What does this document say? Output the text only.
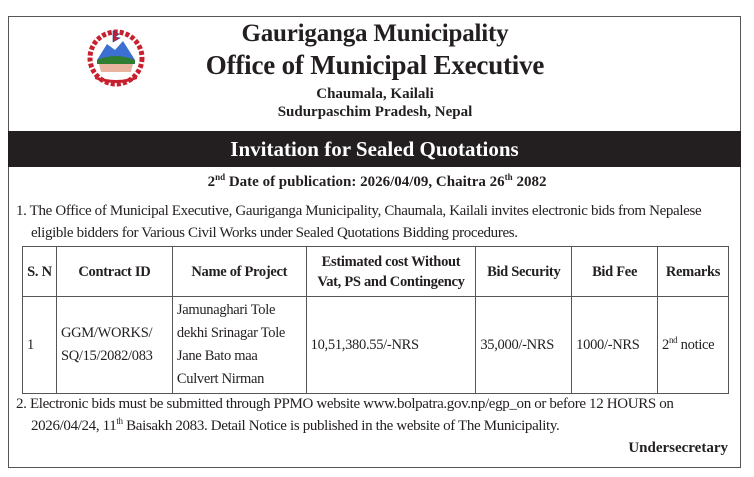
Gauriganga Municipality
Office of Municipal Executive
Chaumala, Kailali
Sudurpaschim Pradesh, Nepal
Invitation for Sealed Quotations
2nd Date of publication: 2026/04/09, Chaitra 26th 2082
1. The Office of Municipal Executive, Gauriganga Municipality, Chaumala, Kailali invites electronic bids from Nepalese
eligible bidders for Various Civil Works under Sealed Quotations Bidding procedures.
S. N	Contract ID	Name of Project	Estimated cost Without Vat, PS and Contingency	Bid Security	Bid Fee	Remarks
1	GGM/WORKS/ SQ/15/2082/083	Jamunaghari Tole dekhi Srinagar Tole Jane Bato maa Culvert Nirman	10,51,380.55/-NRS	35,000/-NRS	1000/-NRS	2nd notice
2. Electronic bids must be submitted through PPMO website www.bolpatra.gov.np/egp_on or before 12 HOURS on
2026/04/24, 11th Baisakh 2083. Detail Notice is published in the website of The Municipality.
Undersecretary
